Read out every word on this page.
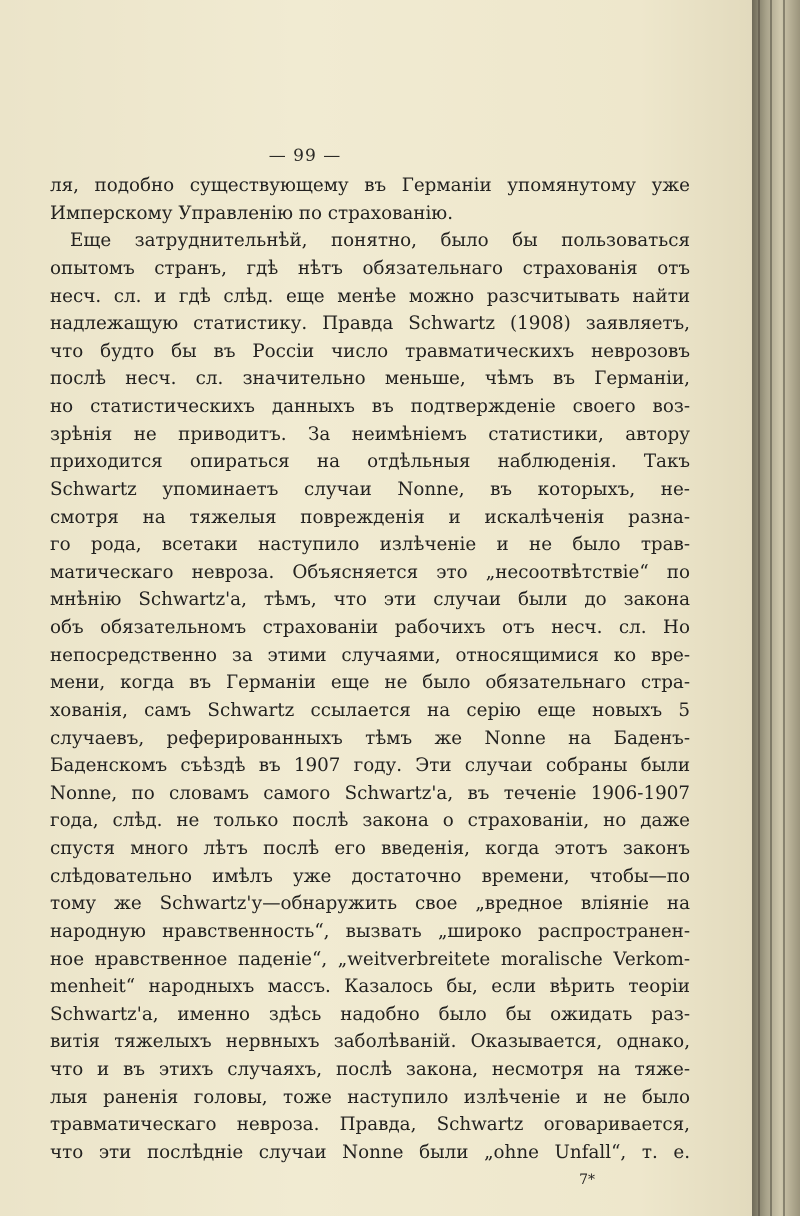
— 99 —
ля, подобно существующему въ Германіи упомянутому уже
Имперскому Управленію по страхованію.
Еще затруднительнѣй, понятно, было бы пользоваться
опытомъ странъ, гдѣ нѣтъ обязательнаго страхованія отъ
несч. сл. и гдѣ слѣд. еще менѣе можно разсчитывать найти
надлежащую статистику. Правда Schwartz (1908) заявляетъ,
что будто бы въ Россіи число травматическихъ неврозовъ
послѣ несч. сл. значительно меньше, чѣмъ въ Германіи,
но статистическихъ данныхъ въ подтвержденіе своего воз-
зрѣнія не приводитъ. За неимѣніемъ статистики, автору
приходится опираться на отдѣльныя наблюденія. Такъ
Schwartz упоминаетъ случаи Nonne, въ которыхъ, не-
смотря на тяжелыя поврежденія и искалѣченія разна-
го рода, всетаки наступило излѣченіе и не было трав-
матическаго невроза. Объясняется это „несоотвѣтствіе“ по
мнѣнію Schwartz'а, тѣмъ, что эти случаи были до закона
объ обязательномъ страхованіи рабочихъ отъ несч. сл. Но
непосредственно за этими случаями, относящимися ко вре-
мени, когда въ Германіи еще не было обязательнаго стра-
хованія, самъ Schwartz ссылается на серію еще новыхъ 5
случаевъ, реферированныхъ тѣмъ же Nonne на Баденъ-
Баденскомъ съѣздѣ въ 1907 году. Эти случаи собраны были
Nonne, по словамъ самого Schwartz'а, въ теченіе 1906-1907
года, слѣд. не только послѣ закона о страхованіи, но даже
спустя много лѣтъ послѣ его введенія, когда этотъ законъ
слѣдовательно имѣлъ уже достаточно времени, чтобы—по
тому же Schwartz'у—обнаружить свое „вредное вліяніе на
народную нравственность“, вызвать „широко распространен-
ное нравственное паденіе“, „weitverbreitete moralische Verkom-
menheit“ народныхъ массъ. Казалось бы, если вѣрить теоріи
Schwartz'а, именно здѣсь надобно было бы ожидать раз-
витія тяжелыхъ нервныхъ заболѣваній. Оказывается, однако,
что и въ этихъ случаяхъ, послѣ закона, несмотря на тяже-
лыя раненія головы, тоже наступило излѣченіе и не было
травматическаго невроза. Правда, Schwartz оговаривается,
что эти послѣдніе случаи Nonne были „ohne Unfall“, т. е.
7*
